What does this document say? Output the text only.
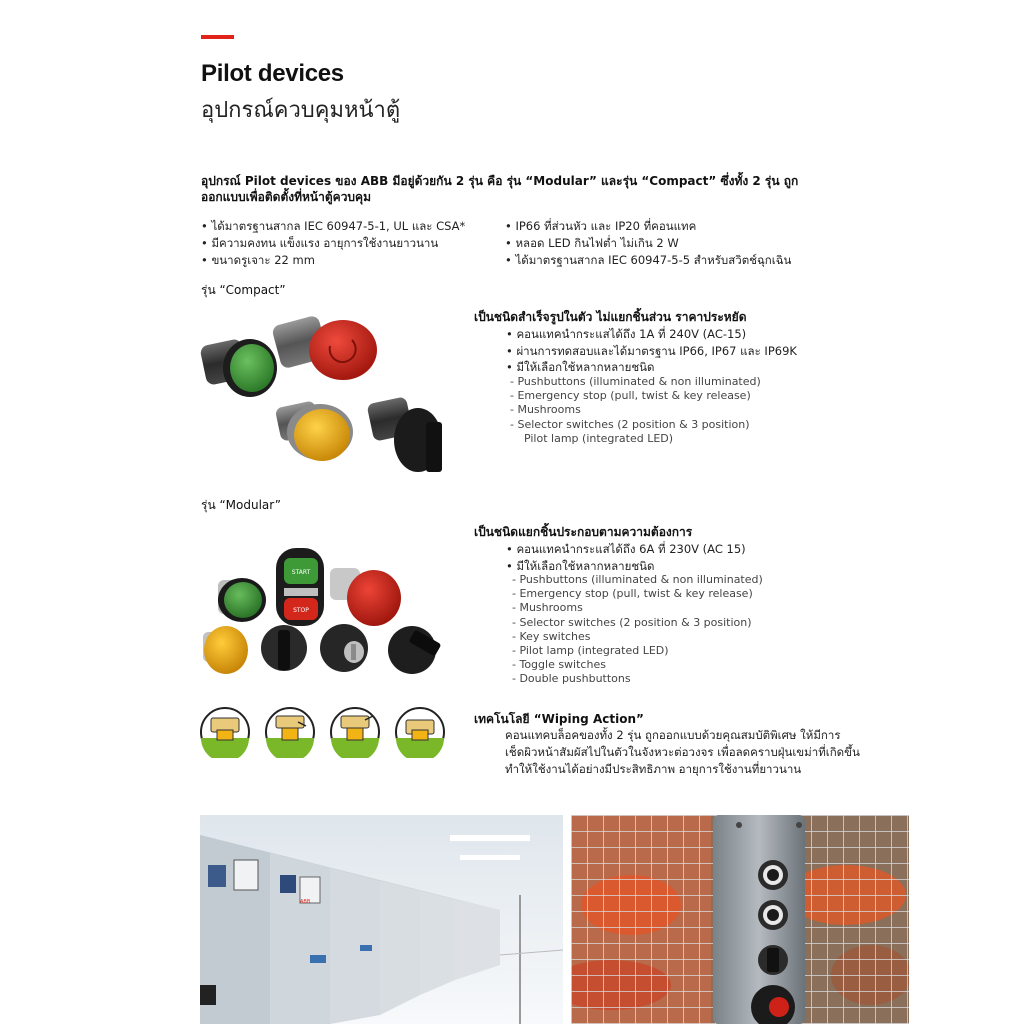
Pilot devices
อุปกรณ์ควบคุมหน้าตู้
อุปกรณ์ Pilot devices ของ ABB มีอยู่ด้วยกัน 2 รุ่น คือ รุ่น “Modular” และรุ่น “Compact” ซึ่งทั้ง 2 รุ่น ถูกออกแบบเพื่อติดตั้งที่หน้าตู้ควบคุม
• ได้มาตรฐานสากล IEC 60947-5-1, UL และ CSA*
• มีความคงทน แข็งแรง อายุการใช้งานยาวนาน
• ขนาดรูเจาะ 22 mm
• IP66 ที่ส่วนหัว และ IP20 ที่คอนแทค
• หลอด LED กินไฟต่ำ ไม่เกิน 2 W
• ได้มาตรฐานสากล IEC 60947-5-5 สำหรับสวิตช์ฉุกเฉิน
รุ่น “Compact”
เป็นชนิดสำเร็จรูปในตัว ไม่แยกชิ้นส่วน ราคาประหยัด
• คอนแทคนำกระแสได้ถึง 1A ที่ 240V (AC-15)
• ผ่านการทดสอบและได้มาตรฐาน IP66, IP67 และ IP69K
• มีให้เลือกใช้หลากหลายชนิด
- Pushbuttons (illuminated & non illuminated)
- Emergency stop (pull, twist & key release)
- Mushrooms
- Selector switches (2 position & 3 position)
Pilot lamp (integrated LED)
รุ่น “Modular”
START
STOP
เป็นชนิดแยกชิ้นประกอบตามความต้องการ
• คอนแทคนำกระแสได้ถึง 6A ที่ 230V (AC 15)
• มีให้เลือกใช้หลากหลายชนิด
- Pushbuttons (illuminated & non illuminated)
- Emergency stop (pull, twist & key release)
- Mushrooms
- Selector switches (2 position & 3 position)
- Key switches
- Pilot lamp (integrated LED)
- Toggle switches
- Double pushbuttons
เทคโนโลยี “Wiping Action”
คอนแทคบล็อคของทั้ง 2 รุ่น ถูกออกแบบด้วยคุณสมบัติพิเศษ ให้มีการ
เช็ดผิวหน้าสัมผัสไปในตัวในจังหวะต่อวงจร เพื่อลดคราบฝุ่นเขม่าที่เกิดขึ้น
ทำให้ใช้งานได้อย่างมีประสิทธิภาพ อายุการใช้งานที่ยาวนาน
ABB
